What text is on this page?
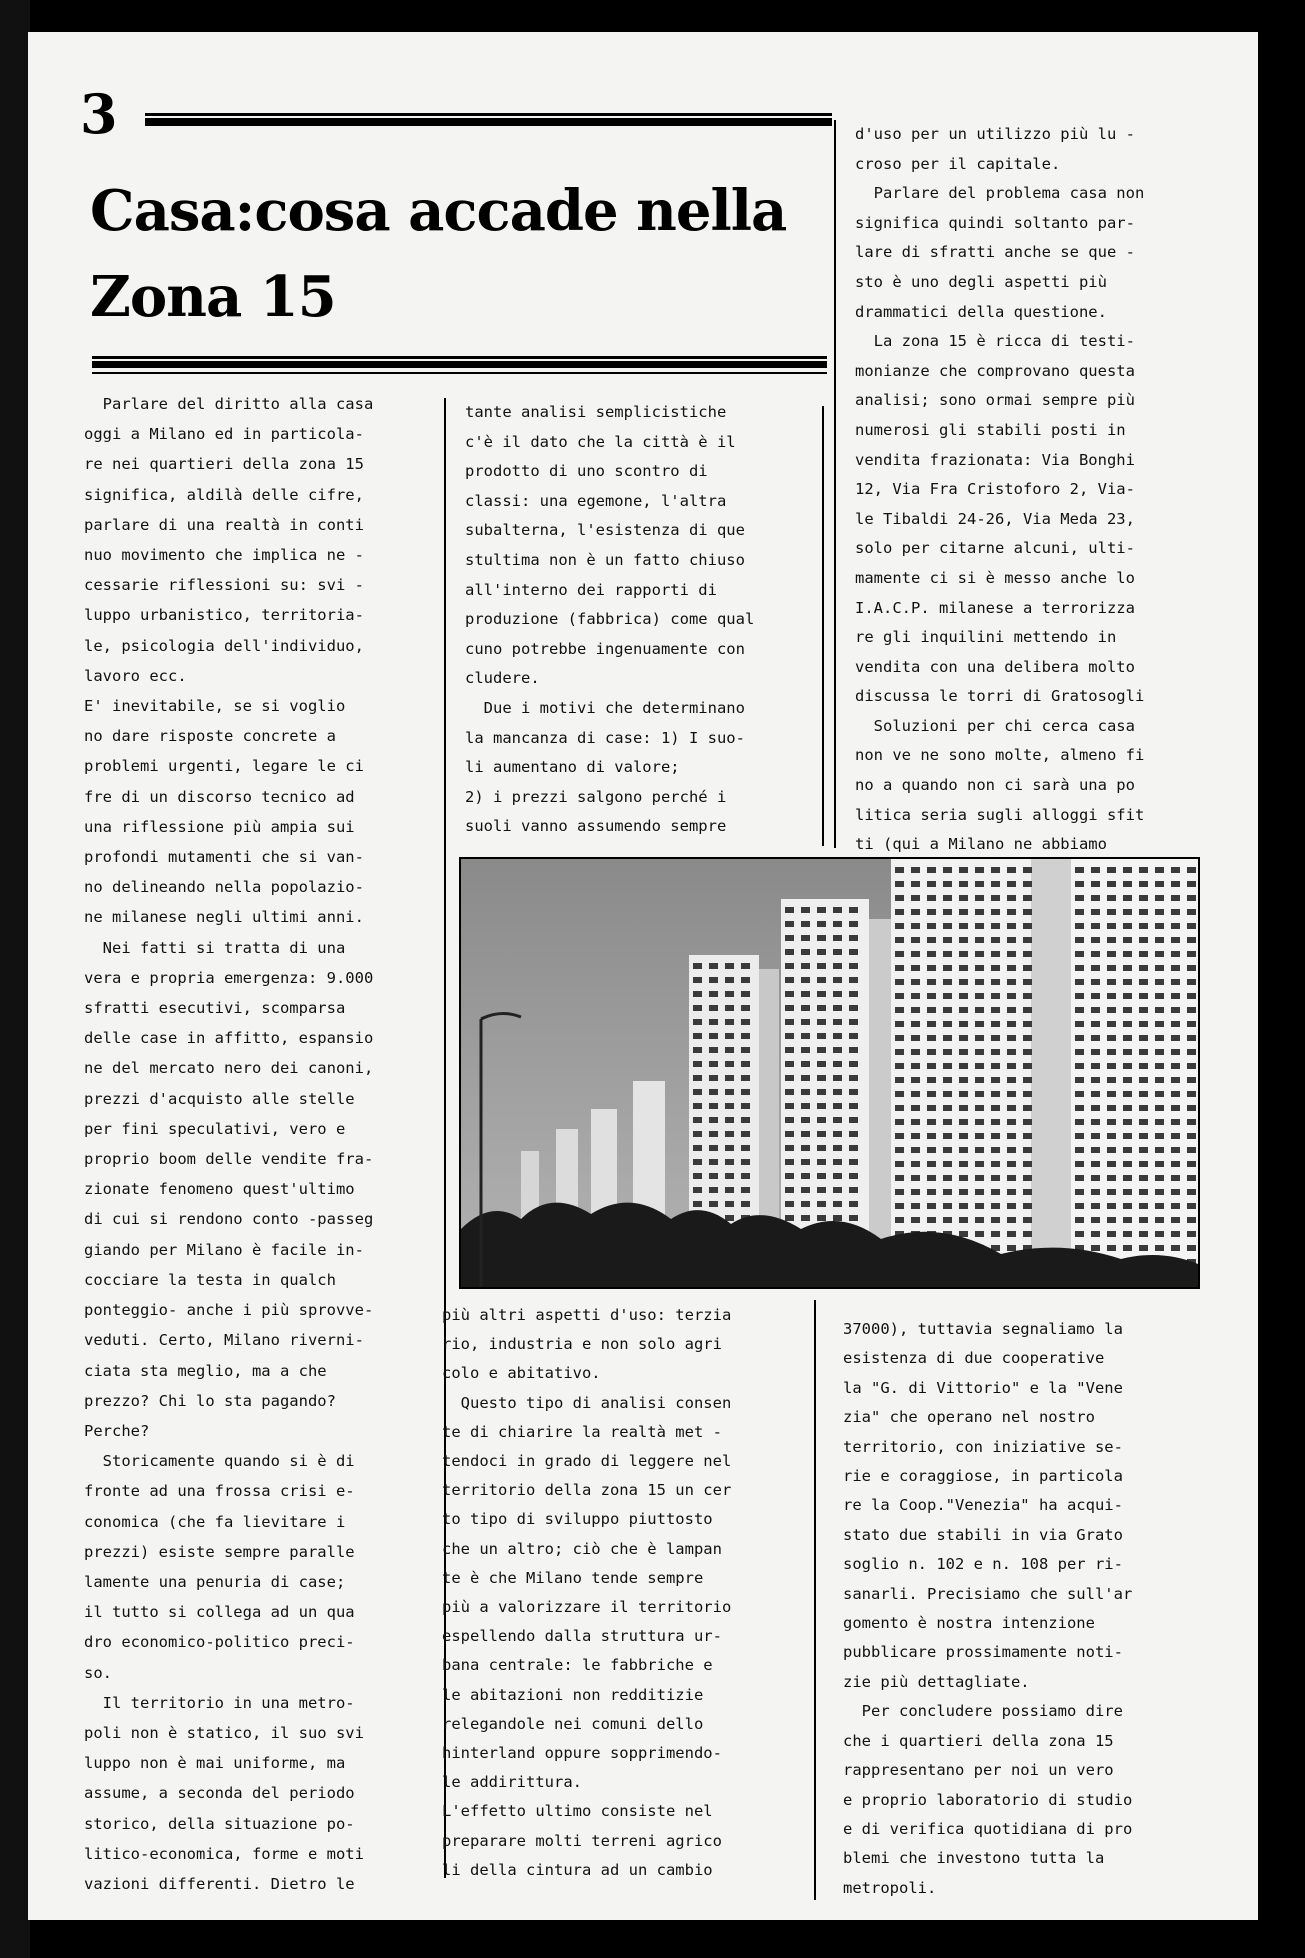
3
Casa:cosa accade nella
Zona 15

Parlare del diritto alla casa

oggi a Milano ed in particola-

re nei quartieri della zona 15

significa, aldilà delle cifre,

parlare di una realtà in conti

nuo movimento che implica ne -

cessarie riflessioni su: svi -

luppo urbanistico, territoria-

le, psicologia dell'individuo,

lavoro ecc.

E' inevitabile, se si voglio

no dare risposte concrete a

problemi urgenti, legare le ci

fre di un discorso tecnico ad

una riflessione più ampia sui

profondi mutamenti che si van-

no delineando nella popolazio-

ne milanese negli ultimi anni.

Nei fatti si tratta di una

vera e propria emergenza: 9.000

sfratti esecutivi, scomparsa

delle case in affitto, espansio

ne del mercato nero dei canoni,

prezzi d'acquisto alle stelle

per fini speculativi, vero e

proprio boom delle vendite fra-

zionate fenomeno quest'ultimo

di cui si rendono conto -passeg

giando per Milano è facile in-

cocciare la testa in qualch

ponteggio- anche i più sprovve-

veduti. Certo, Milano riverni-

ciata sta meglio, ma a che

prezzo? Chi lo sta pagando?

Perche?

Storicamente quando si è di

fronte ad una frossa crisi e-

conomica (che fa lievitare i

prezzi) esiste sempre paralle

lamente una penuria di case;

il tutto si collega ad un qua

dro economico-politico preci-

so.

Il territorio in una metro-

poli non è statico, il suo svi

luppo non è mai uniforme, ma

assume, a seconda del periodo

storico, della situazione po-

litico-economica, forme e moti

vazioni differenti. Dietro le

tante analisi semplicistiche

c'è il dato che la città è il

prodotto di uno scontro di

classi: una egemone, l'altra

subalterna, l'esistenza di que

stultima non è un fatto chiuso

all'interno dei rapporti di

produzione (fabbrica) come qual

cuno potrebbe ingenuamente con

cludere.

Due i motivi che determinano

la mancanza di case: 1) I suo-

li aumentano di valore;

2) i prezzi salgono perché i

suoli vanno assumendo sempre

d'uso per un utilizzo più lu -

croso per il capitale.

Parlare del problema casa non

significa quindi soltanto par-

lare di sfratti anche se que -

sto è uno degli aspetti più

drammatici della questione.

La zona 15 è ricca di testi-

monianze che comprovano questa

analisi; sono ormai sempre più

numerosi gli stabili posti in

vendita frazionata: Via Bonghi

12, Via Fra Cristoforo 2, Via-

le Tibaldi 24-26, Via Meda 23,

solo per citarne alcuni, ulti-

mamente ci si è messo anche lo

I.A.C.P. milanese a terrorizza

re gli inquilini mettendo in

vendita con una delibera molto

discussa le torri di Gratosogli

Soluzioni per chi cerca casa

non ve ne sono molte, almeno fi

no a quando non ci sarà una po

litica seria sugli alloggi sfit

ti (qui a Milano ne abbiamo

più altri aspetti d'uso: terzia

rio, industria e non solo agri

colo e abitativo.

Questo tipo di analisi consen

te di chiarire la realtà met -

tendoci in grado di leggere nel

territorio della zona 15 un cer

to tipo di sviluppo piuttosto

che un altro; ciò che è lampan

te è che Milano tende sempre

più a valorizzare il territorio

espellendo dalla struttura ur-

bana centrale: le fabbriche e

le abitazioni non redditizie

relegandole nei comuni dello

hinterland oppure sopprimendo-

le addirittura.

L'effetto ultimo consiste nel

preparare molti terreni agrico

li della cintura ad un cambio

37000), tuttavia segnaliamo la

esistenza di due cooperative

la "G. di Vittorio" e la "Vene

zia" che operano nel nostro

territorio, con iniziative se-

rie e coraggiose, in particola

re la Coop."Venezia" ha acqui-

stato due stabili in via Grato

soglio n. 102 e n. 108 per ri-

sanarli. Precisiamo che sull'ar

gomento è nostra intenzione

pubblicare prossimamente noti-

zie più dettagliate.

Per concludere possiamo dire

che i quartieri della zona 15

rappresentano per noi un vero

e proprio laboratorio di studio

e di verifica quotidiana di pro

blemi che investono tutta la

metropoli.
